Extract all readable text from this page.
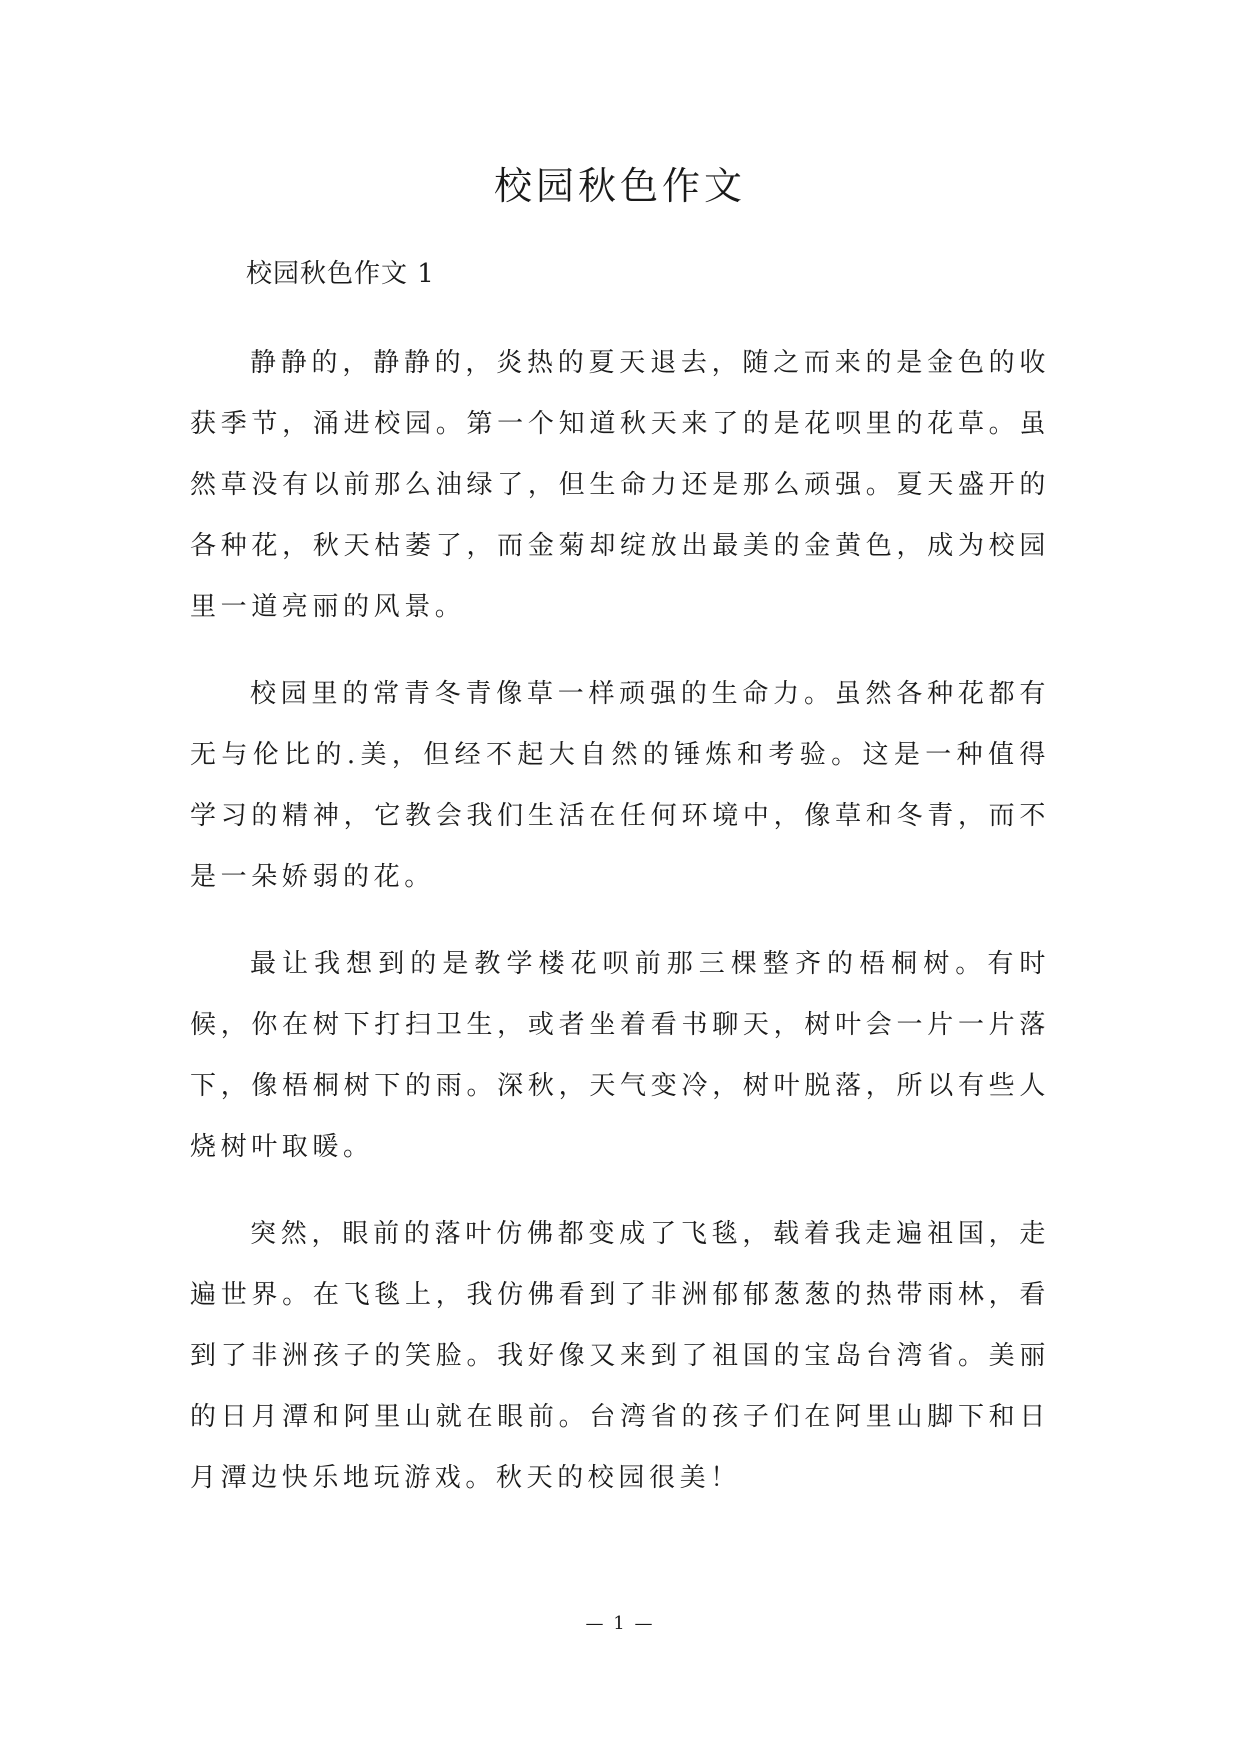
校园秋色作文

校园秋色作文 1

静静的，静静的，炎热的夏天退去，随之而来的是金色的收获季节，涌进校园。第一个知道秋天来了的是花呗里的花草。虽然草没有以前那么油绿了，但生命力还是那么顽强。夏天盛开的各种花，秋天枯萎了，而金菊却绽放出最美的金黄色，成为校园里一道亮丽的风景。

校园里的常青冬青像草一样顽强的生命力。虽然各种花都有无与伦比的.美，但经不起大自然的锤炼和考验。这是一种值得学习的精神，它教会我们生活在任何环境中，像草和冬青，而不是一朵娇弱的花。

最让我想到的是教学楼花呗前那三棵整齐的梧桐树。有时候，你在树下打扫卫生，或者坐着看书聊天，树叶会一片一片落下，像梧桐树下的雨。深秋，天气变冷，树叶脱落，所以有些人烧树叶取暖。

突然，眼前的落叶仿佛都变成了飞毯，载着我走遍祖国，走遍世界。在飞毯上，我仿佛看到了非洲郁郁葱葱的热带雨林，看到了非洲孩子的笑脸。我好像又来到了祖国的宝岛台湾省。美丽的日月潭和阿里山就在眼前。台湾省的孩子们在阿里山脚下和日月潭边快乐地玩游戏。秋天的校园很美！

— 1 —
